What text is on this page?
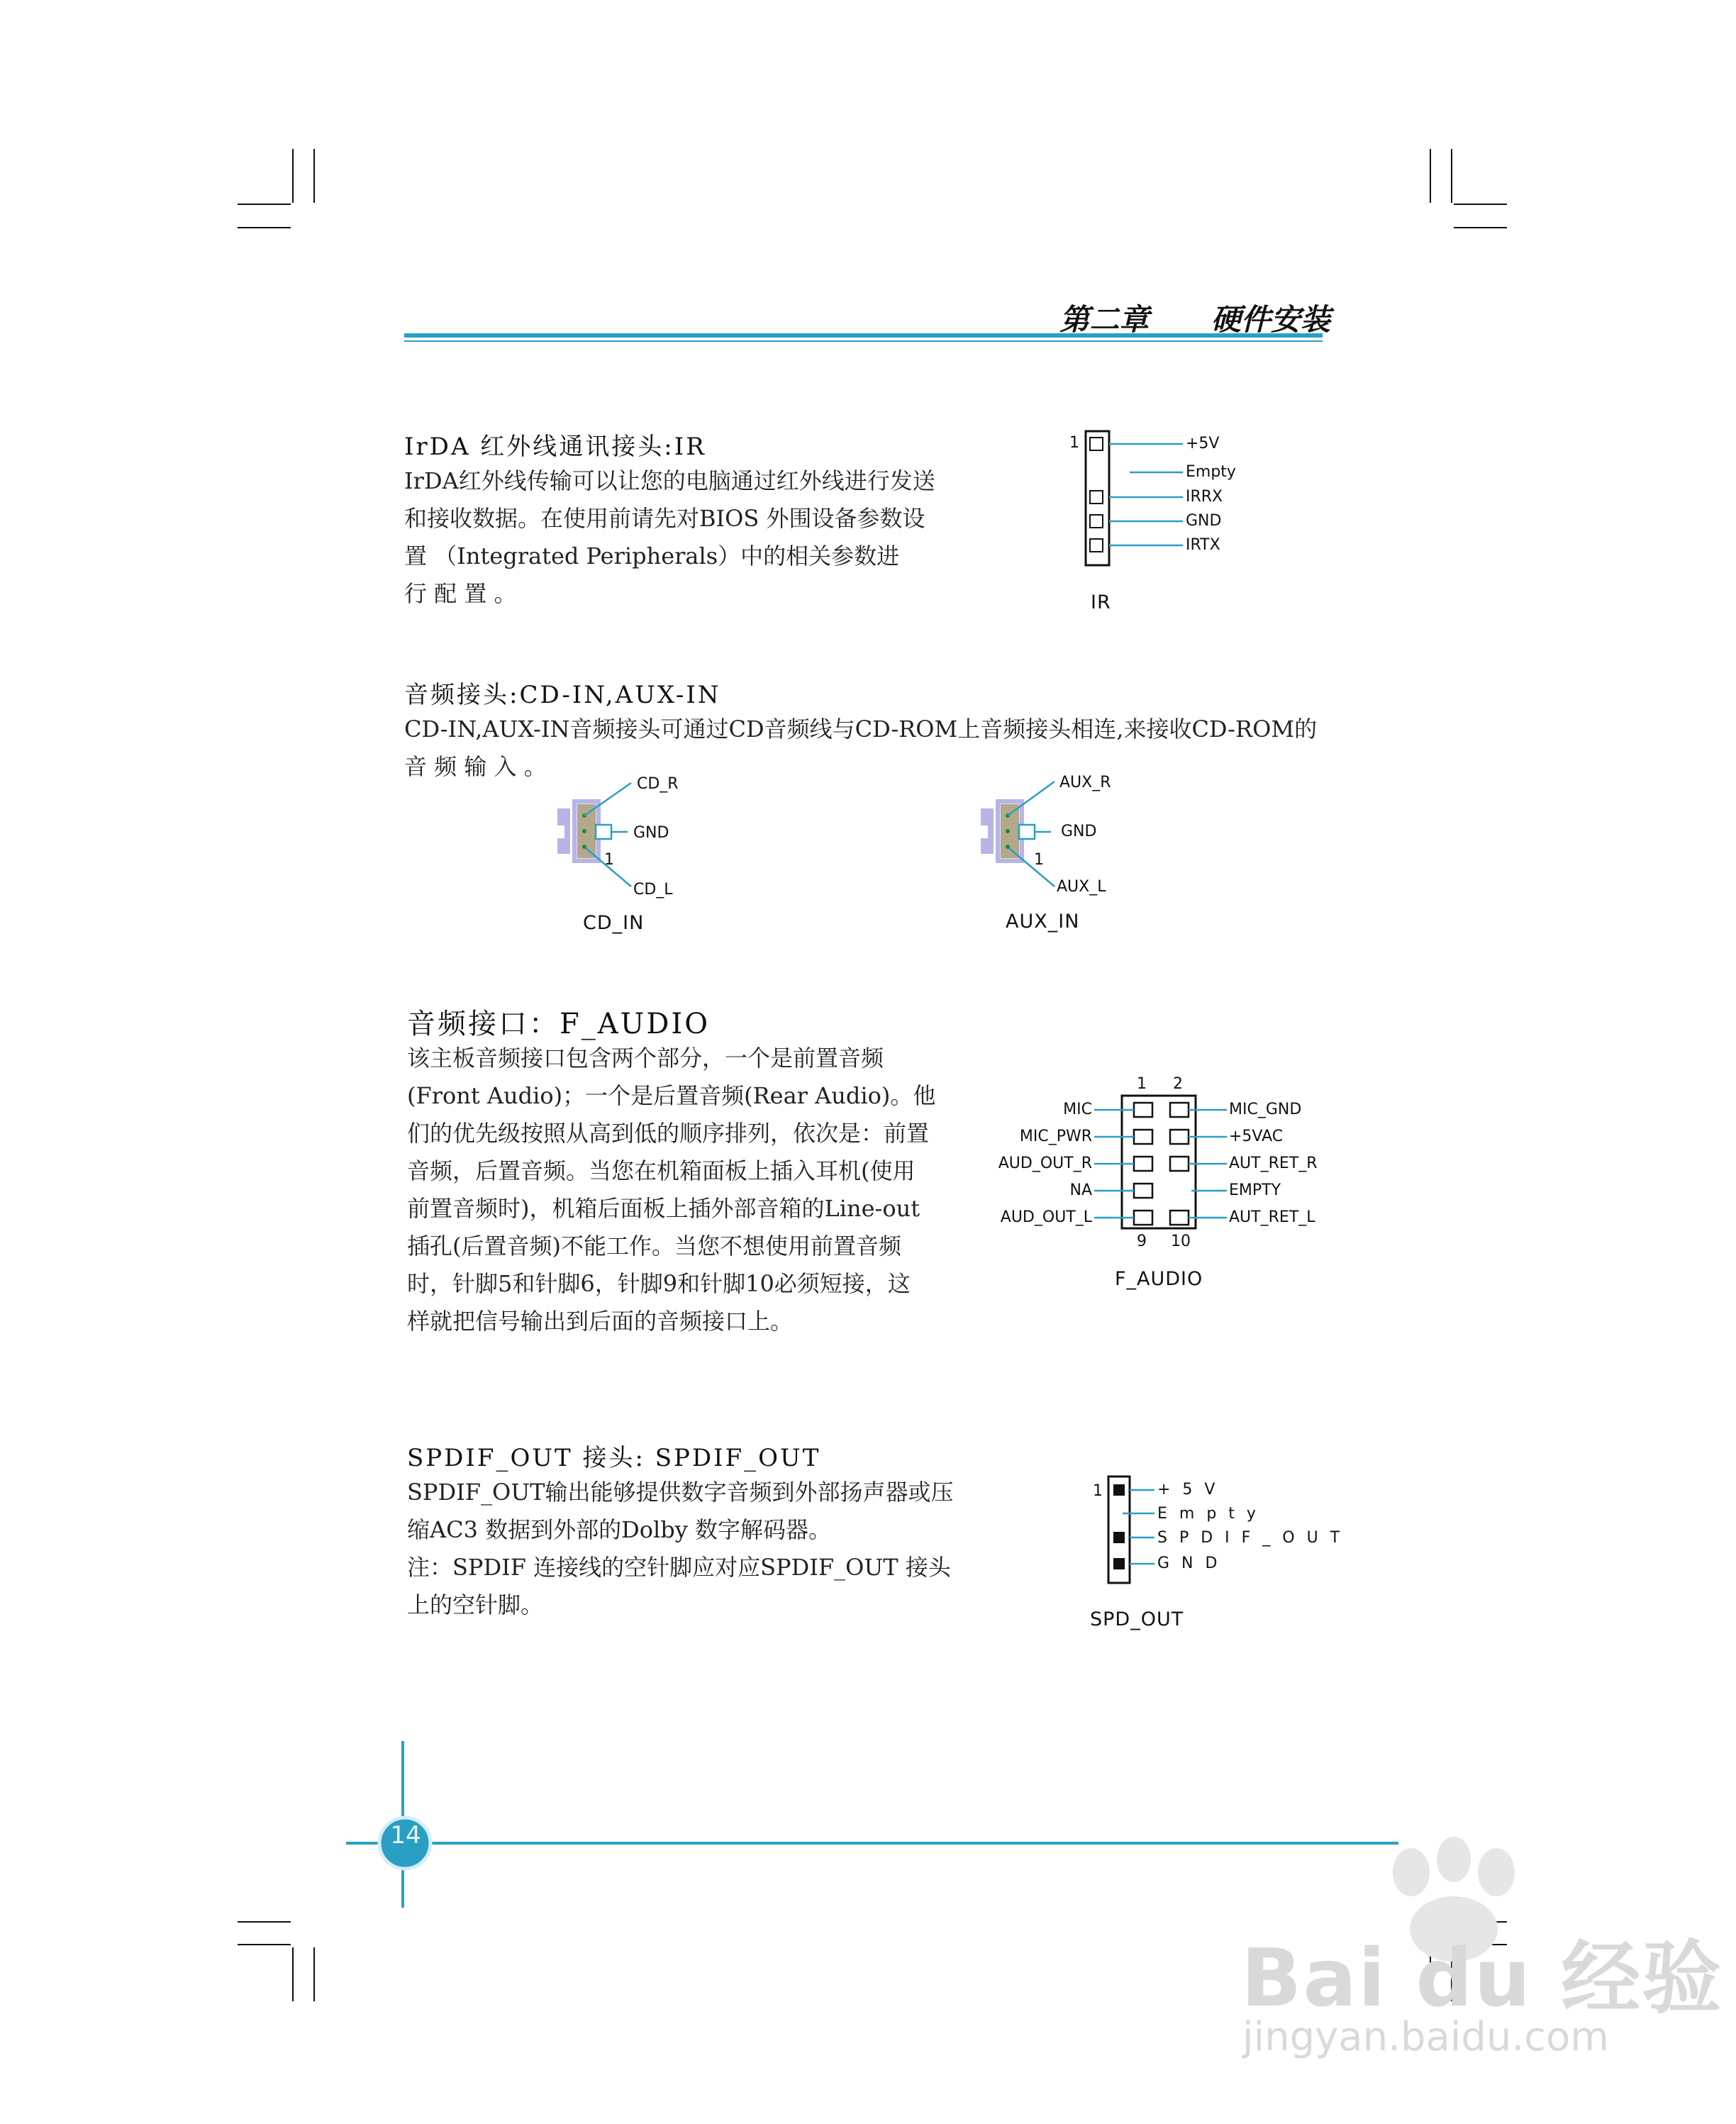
第二章 硬件安装
IrDA 红外线通讯接头:IR
IrDA红外线传输可以让您的电脑通过红外线进行发送
和接收数据。在使用前请先对BIOS 外围设备参数设
置 （Integrated Peripherals）中的相关参数进
行 配 置 。
1	+5V
Empty
IRRX
GND
IRTX
IR
音频接头:CD-IN,AUX-IN
CD-IN,AUX-IN音频接头可通过CD音频线与CD-ROM上音频接头相连,来接收CD-ROM的
音 频 输 入 。
CD_R
GND
1
CD_L
CD_IN
AUX_R
GND
1
AUX_L
AUX_IN
音频接口：F_AUDIO
该主板音频接口包含两个部分，一个是前置音频
(Front Audio)；一个是后置音频(Rear Audio)。他
们的优先级按照从高到低的顺序排列，依次是：前置
音频，后置音频。当您在机箱面板上插入耳机(使用
前置音频时)，机箱后面板上插外部音箱的Line-out
插孔(后置音频)不能工作。当您不想使用前置音频
时，针脚5和针脚6，针脚9和针脚10必须短接，这
样就把信号输出到后面的音频接口上。
1 2
9 10
MIC
MIC_PWR
AUD_OUT_R
NA
AUD_OUT_L
MIC_GND
+5VAC
AUT_RET_R
EMPTY
AUT_RET_L
F_AUDIO
SPDIF_OUT 接头: SPDIF_OUT
SPDIF_OUT输出能够提供数字音频到外部扬声器或压
缩AC3 数据到外部的Dolby 数字解码器。
注：SPDIF 连接线的空针脚应对应SPDIF_OUT 接头
上的空针脚。
1	+ 5 V
E m p t y
S P D I F _ O U T
G N D
SPD_OUT
14
Bai du 经验
jingyan.baidu.com
